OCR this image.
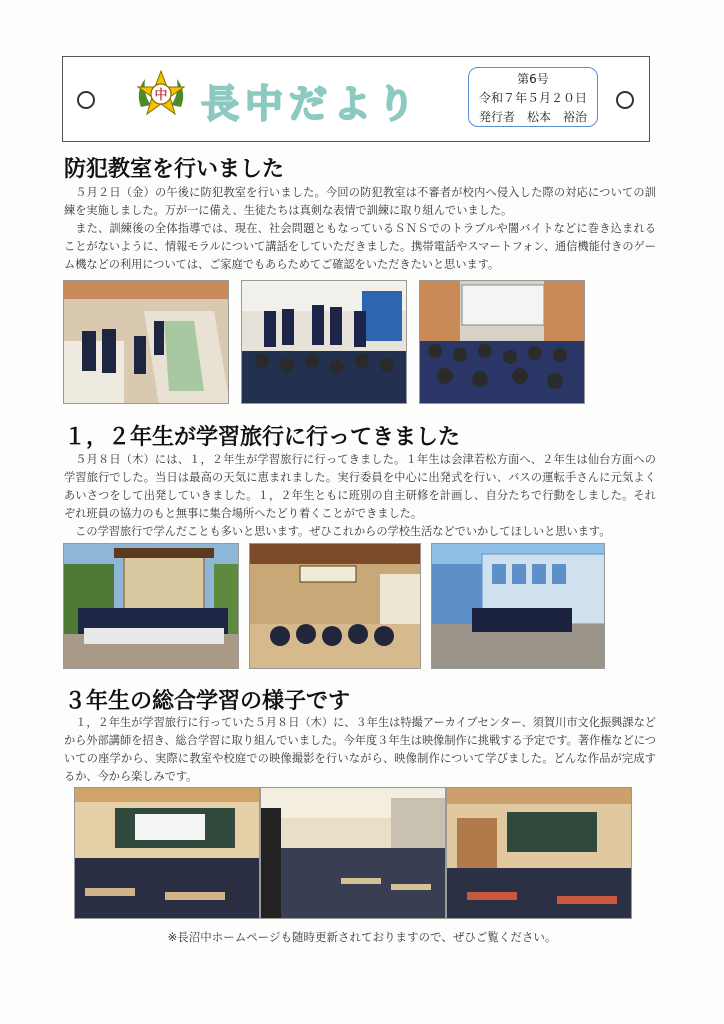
中 長中だより
第6号
令和７年５月２０日
発行者　松本　裕治
防犯教室を行いました

５月２日（金）の午後に防犯教室を行いました。今回の防犯教室は不審者が校内へ侵入した際の対応についての訓練を実施しました。万が一に備え、生徒たちは真剣な表情で訓練に取り組んでいました。

また、訓練後の全体指導では、現在、社会問題ともなっているＳＮＳでのトラブルや闇バイトなどに巻き込まれることがないように、情報モラルについて講話をしていただきました。携帯電話やスマートフォン、通信機能付きのゲーム機などの利用については、ご家庭でもあらためてご確認をいただきたいと思います。

１，２年生が学習旅行に行ってきました

５月８日（木）には、１，２年生が学習旅行に行ってきました。１年生は会津若松方面へ、２年生は仙台方面への学習旅行でした。当日は最高の天気に恵まれました。実行委員を中心に出発式を行い、バスの運転手さんに元気よくあいさつをして出発していきました。１，２年生ともに班別の自主研修を計画し、自分たちで行動をしました。それぞれ班員の協力のもと無事に集合場所へたどり着くことができました。

この学習旅行で学んだことも多いと思います。ぜひこれからの学校生活などでいかしてほしいと思います。

３年生の総合学習の様子です

１，２年生が学習旅行に行っていた５月８日（木）に、３年生は特撮アーカイブセンター、須賀川市文化振興課などから外部講師を招き、総合学習に取り組んでいました。今年度３年生は映像制作に挑戦する予定です。著作権などについての座学から、実際に教室や校庭での映像撮影を行いながら、映像制作について学びました。どんな作品が完成するか、今から楽しみです。

※長沼中ホームページも随時更新されておりますので、ぜひご覧ください。
